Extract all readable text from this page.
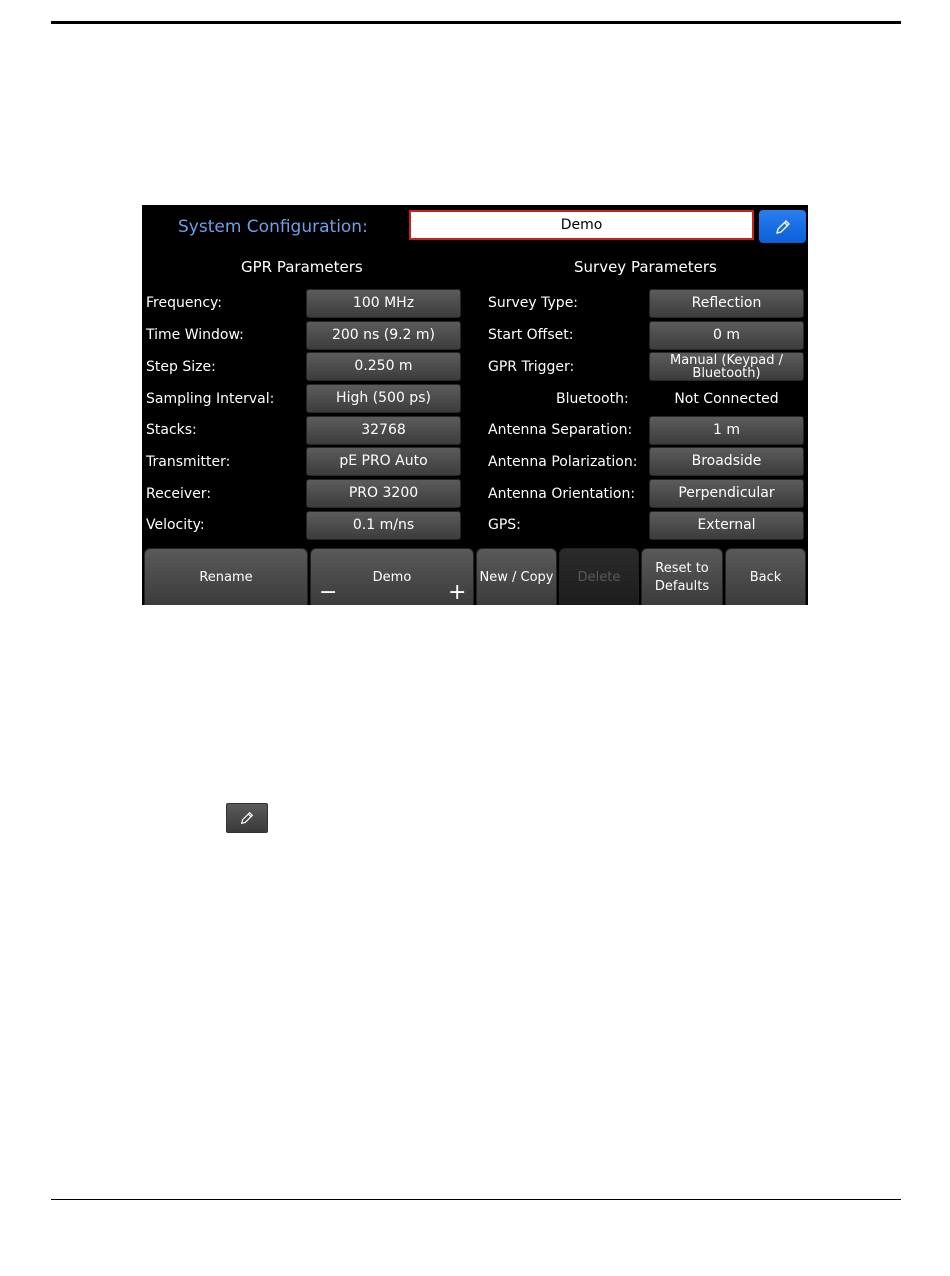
System Configuration:	Demo
GPR Parameters
Frequency:	100 MHz
Time Window:	200 ns (9.2 m)
Step Size:	0.250 m
Sampling Interval:	High (500 ps)
Stacks:	32768
Transmitter:	pE PRO Auto
Receiver:	PRO 3200
Velocity:	0.1 m/ns
Survey Parameters
Survey Type:	Reflection
Start Offset:	0 m
GPR Trigger:	Manual (Keypad /
Bluetooth)
Bluetooth:	Not Connected
Antenna Separation:	1 m
Antenna Polarization:	Broadside
Antenna Orientation:	Perpendicular
GPS:	External
Rename	Demo
−	+
New / Copy	Delete
Reset to
Defaults
Back
